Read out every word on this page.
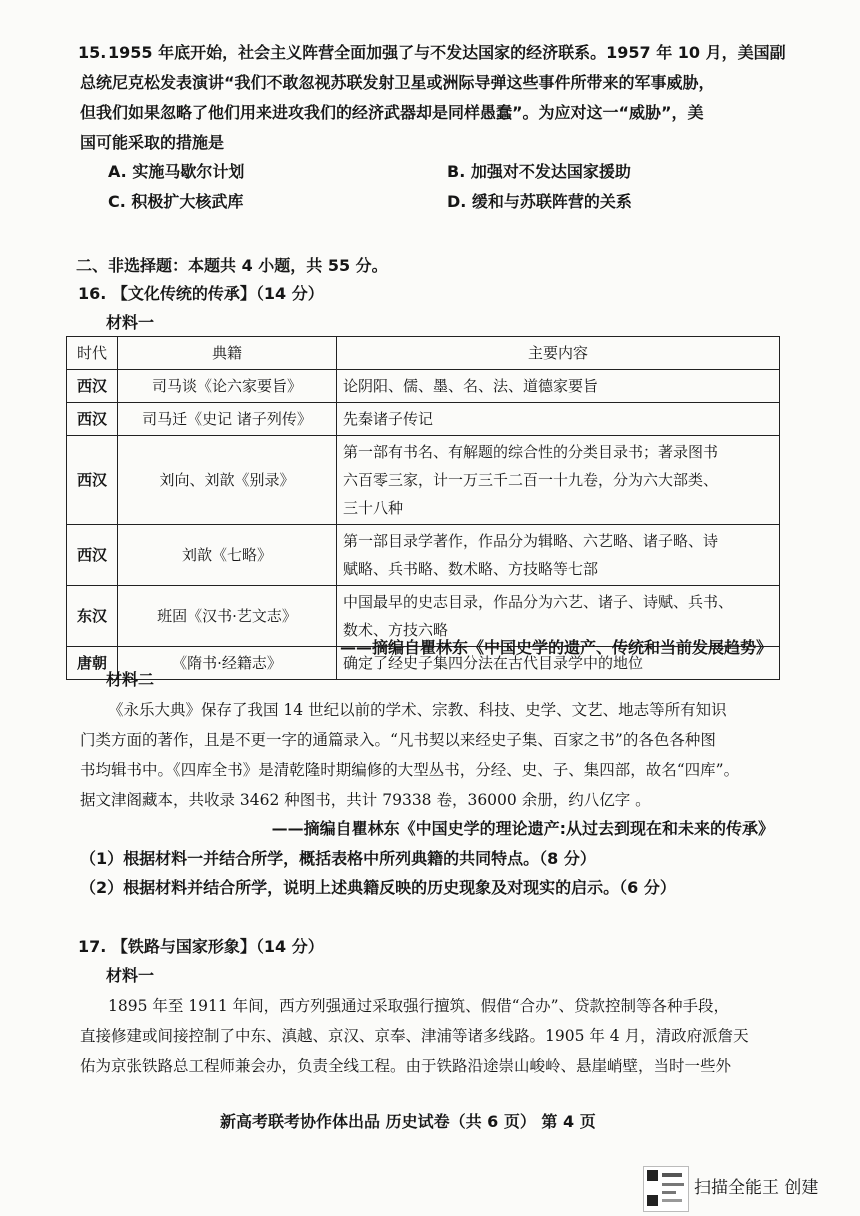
15. 1955 年底开始，社会主义阵营全面加强了与不发达国家的经济联系。1957 年 10 月，美国副
总统尼克松发表演讲“我们不敢忽视苏联发射卫星或洲际导弹这些事件所带来的军事威胁，
但我们如果忽略了他们用来进攻我们的经济武器却是同样愚蠢”。为应对这一“威胁”，美
国可能采取的措施是
A. 实施马歇尔计划	B. 加强对不发达国家援助
C. 积极扩大核武库	D. 缓和与苏联阵营的关系
二、非选择题：本题共 4 小题，共 55 分。
16. 【文化传统的传承】（14 分）
材料一
时代	典籍	主要内容
西汉	司马谈《论六家要旨》	论阴阳、儒、墨、名、法、道德家要旨

西汉	司马迁《史记 诸子列传》	先秦诸子传记

西汉	刘向、刘歆《别录》	第一部有书名、有解题的综合性的分类目录书；著录图书
六百零三家，计一万三千二百一十九卷，分为六大部类、
三十八种

西汉	刘歆《七略》	第一部目录学著作，作品分为辑略、六艺略、诸子略、诗
赋略、兵书略、数术略、方技略等七部

东汉	班固《汉书·艺文志》	中国最早的史志目录，作品分为六艺、诸子、诗赋、兵书、
数术、方技六略

唐朝	《隋书·经籍志》	确定了经史子集四分法在古代目录学中的地位
——摘编自瞿林东《中国史学的遗产、传统和当前发展趋势》
材料二
《永乐大典》保存了我国 14 世纪以前的学术、宗教、科技、史学、文艺、地志等所有知识
门类方面的著作，且是不更一字的通篇录入。“凡书契以来经史子集、百家之书”的各色各种图
书均辑书中。《四库全书》是清乾隆时期编修的大型丛书，分经、史、子、集四部，故名“四库”。
据文津阁藏本，共收录 3462 种图书，共计 79338 卷，36000 余册，约八亿字 。
——摘编自瞿林东《中国史学的理论遗产:从过去到现在和未来的传承》
（1）根据材料一并结合所学，概括表格中所列典籍的共同特点。（8 分）
（2）根据材料并结合所学，说明上述典籍反映的历史现象及对现实的启示。（6 分）
17. 【铁路与国家形象】（14 分）
材料一
1895 年至 1911 年间，西方列强通过采取强行擅筑、假借“合办”、贷款控制等各种手段，
直接修建或间接控制了中东、滇越、京汉、京奉、津浦等诸多线路。1905 年 4 月，清政府派詹天
佑为京张铁路总工程师兼会办，负责全线工程。由于铁路沿途崇山峻岭、悬崖峭壁，当时一些外
新高考联考协作体出品 历史试卷（共 6 页） 第 4 页
扫描全能王 创建
